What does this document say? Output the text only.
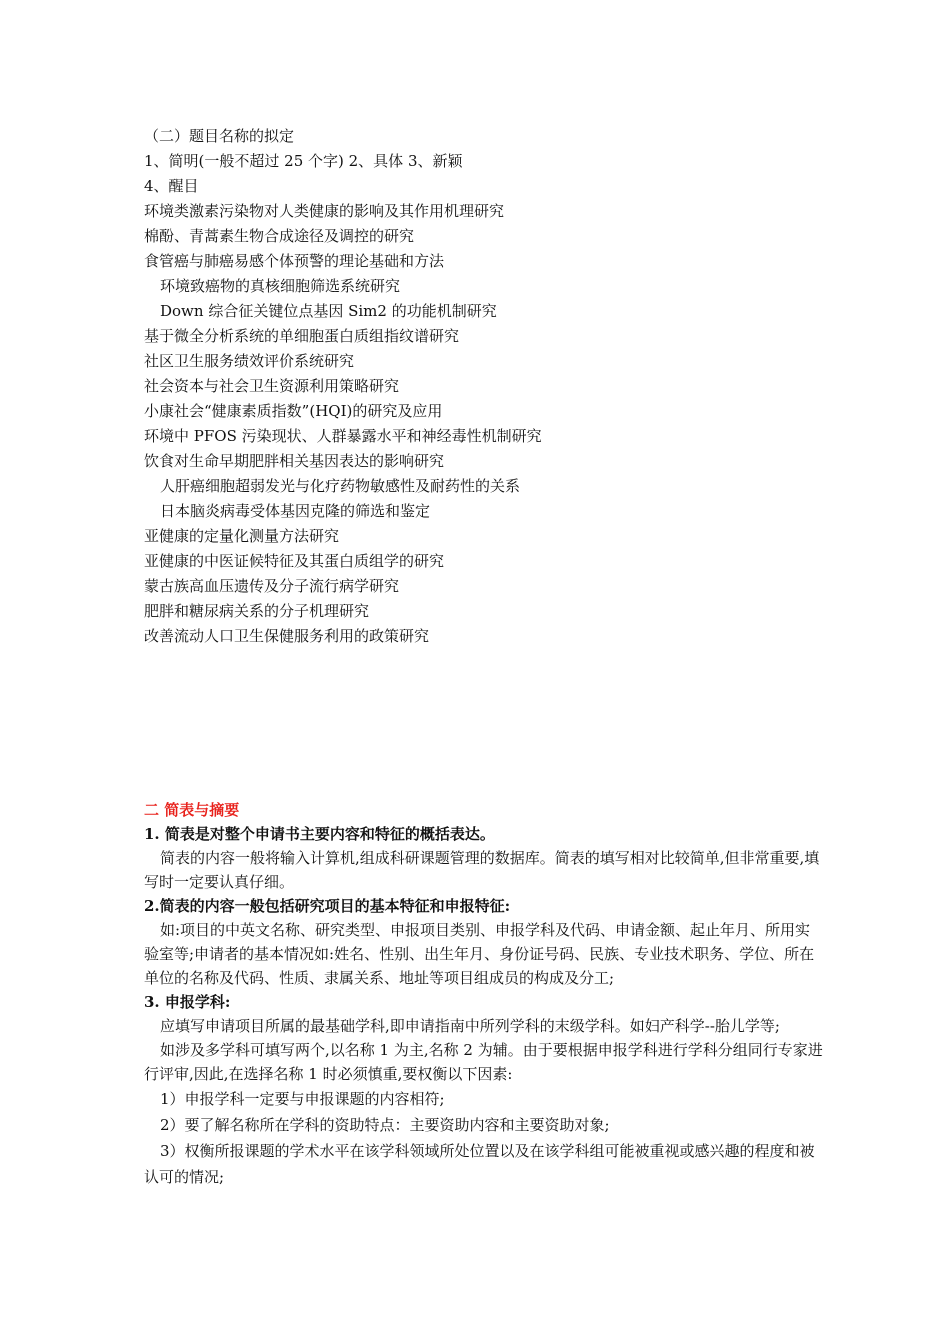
（二）题目名称的拟定
1、简明(一般不超过 25 个字) 2、具体 3、新颖
4、醒目
环境类激素污染物对人类健康的影响及其作用机理研究
棉酚、青蒿素生物合成途径及调控的研究
食管癌与肺癌易感个体预警的理论基础和方法
环境致癌物的真核细胞筛选系统研究
Down 综合征关键位点基因 Sim2 的功能机制研究
基于微全分析系统的单细胞蛋白质组指纹谱研究
社区卫生服务绩效评价系统研究
社会资本与社会卫生资源利用策略研究
小康社会“健康素质指数”(HQI)的研究及应用
环境中 PFOS 污染现状、人群暴露水平和神经毒性机制研究
饮食对生命早期肥胖相关基因表达的影响研究
人肝癌细胞超弱发光与化疗药物敏感性及耐药性的关系
日本脑炎病毒受体基因克隆的筛选和鉴定
亚健康的定量化测量方法研究
亚健康的中医证候特征及其蛋白质组学的研究
蒙古族高血压遗传及分子流行病学研究
肥胖和糖尿病关系的分子机理研究
改善流动人口卫生保健服务利用的政策研究
二 简表与摘要
1. 简表是对整个申请书主要内容和特征的概括表达。

简表的内容一般将输入计算机,组成科研课题管理的数据库。简表的填写相对比较简单,但非常重要,填写时一定要认真仔细。

2.简表的内容一般包括研究项目的基本特征和申报特征:

如:项目的中英文名称、研究类型、申报项目类别、申报学科及代码、申请金额、起止年月、所用实验室等;申请者的基本情况如:姓名、性别、出生年月、身份证号码、民族、专业技术职务、学位、所在单位的名称及代码、性质、隶属关系、地址等项目组成员的构成及分工;

3. 申报学科:

应填写申请项目所属的最基础学科,即申请指南中所列学科的末级学科。如妇产科学--胎儿学等;

如涉及多学科可填写两个,以名称 1 为主,名称 2 为辅。由于要根据申报学科进行学科分组同行专家进行评审,因此,在选择名称 1 时必须慎重,要权衡以下因素:

1）申报学科一定要与申报课题的内容相符;

2）要了解名称所在学科的资助特点：主要资助内容和主要资助对象;

3）权衡所报课题的学术水平在该学科领域所处位置以及在该学科组可能被重视或感兴趣的程度和被认可的情况;
